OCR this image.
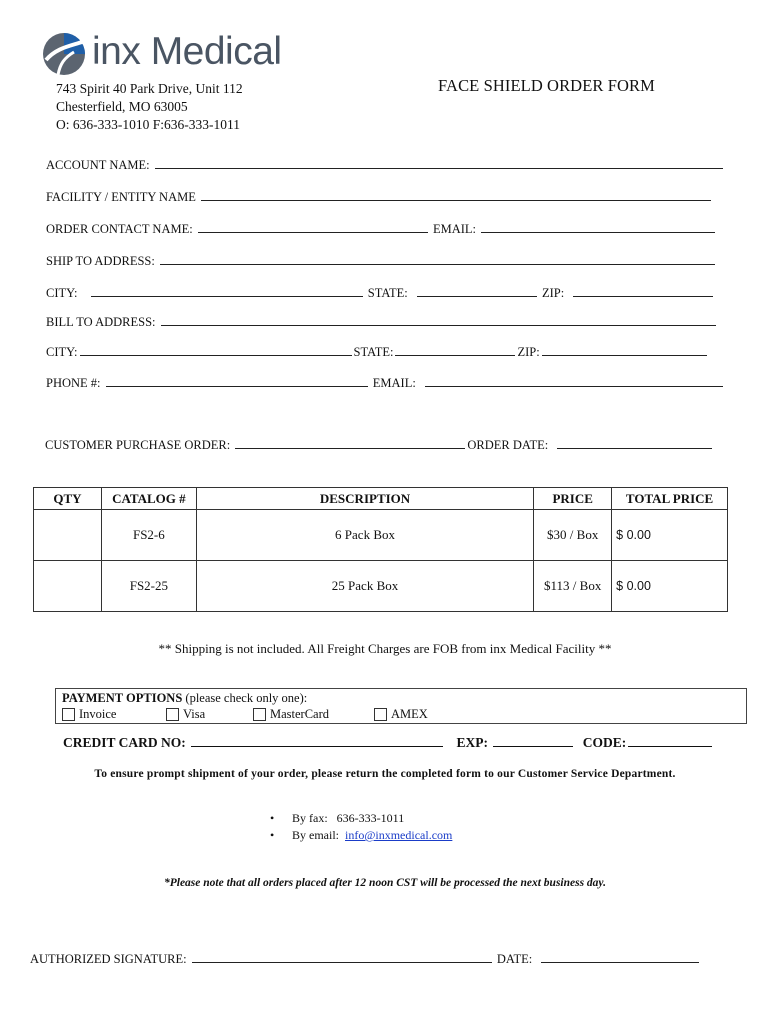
inx Medical
743 Spirit 40 Park Drive, Unit 112
Chesterfield, MO 63005
O: 636-333-1010 F:636-333-1011
FACE SHIELD ORDER FORM
ACCOUNT NAME:
FACILITY / ENTITY NAME
ORDER CONTACT NAME:	EMAIL:
SHIP TO ADDRESS:
CITY:	STATE:	ZIP:
BILL TO ADDRESS:
CITY:	STATE:	ZIP:
PHONE #:	EMAIL:
CUSTOMER PURCHASE ORDER:	ORDER DATE:
QTY	CATALOG #	DESCRIPTION	PRICE	TOTAL PRICE
	FS2-6	6 Pack Box	$30 / Box	$ 0.00
	FS2-25	25 Pack Box	$113 / Box	$ 0.00
** Shipping is not included. All Freight Charges are FOB from inx Medical Facility **
PAYMENT OPTIONS (please check only one):
Invoice	Visa	MasterCard	AMEX
CREDIT CARD NO:	EXP:	CODE:
To ensure prompt shipment of your order, please return the completed form to our Customer Service Department.
•	By fax:
636-333-1011
•	By email:
info@inxmedical.com
*Please note that all orders placed after 12 noon CST will be processed the next business day.
AUTHORIZED SIGNATURE:	DATE:
